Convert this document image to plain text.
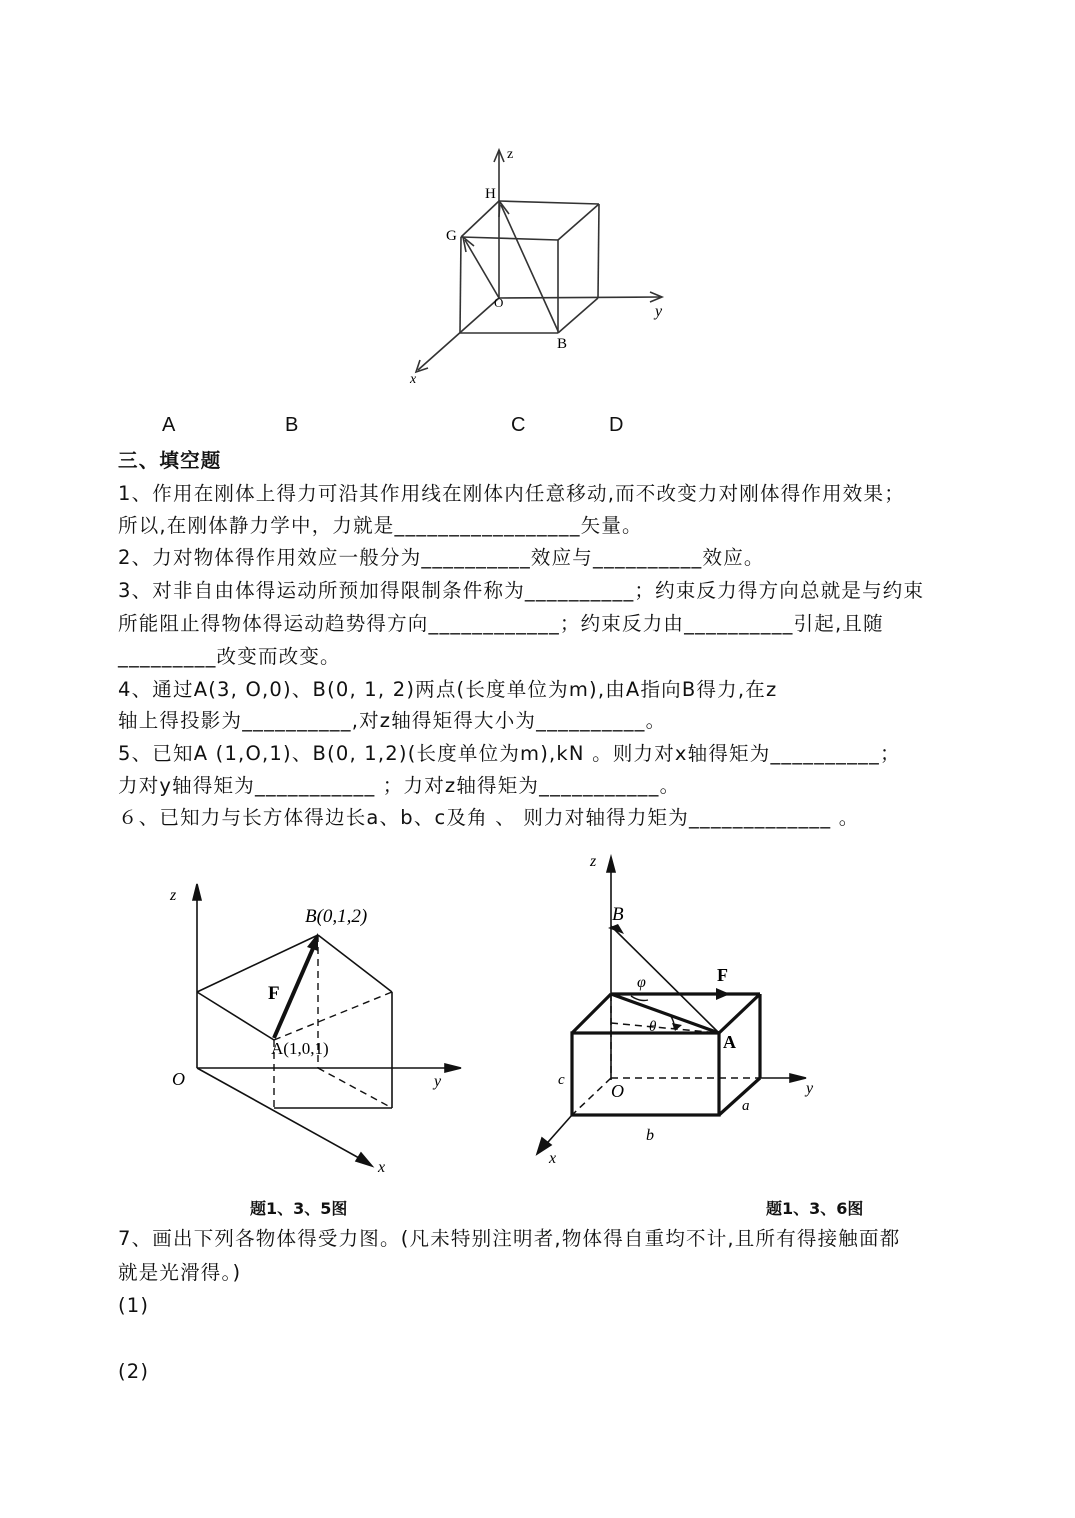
z
H
G
O
y
B
x
A	B	C	D
三、填空题
1、作用在刚体上得力可沿其作用线在刚体内任意移动,而不改变力对刚体得作用效果；
所以,在刚体静力学中，力就是_________________矢量。
2、力对物体得作用效应一般分为__________效应与__________效应。
3、对非自由体得运动所预加得限制条件称为__________；约束反力得方向总就是与约束
所能阻止得物体得运动趋势得方向____________；约束反力由__________引起,且随
_________改变而改变。
4、通过A(3, O,0)、B(0, 1, 2)两点(长度单位为m),由A指向B得力,在z
轴上得投影为__________,对z轴得矩得大小为__________。
5、已知A (1,O,1)、B(0, 1,2)(长度单位为m),kN 。则力对x轴得矩为__________；
力对y轴得矩为___________ ；力对z轴得矩为___________。
６、已知力与长方体得边长a、b、c及角 、 则力对轴得力矩为_____________ 。
z
B(0,1,2)
F
A(1,0,1)
O	y
x
z
B
φ	F
θ
A
c
O
a
y
b
x
题1、3、5图	题1、3、6图
7、画出下列各物体得受力图。(凡未特别注明者,物体得自重均不计,且所有得接触面都
就是光滑得。)
(1)
(2)
